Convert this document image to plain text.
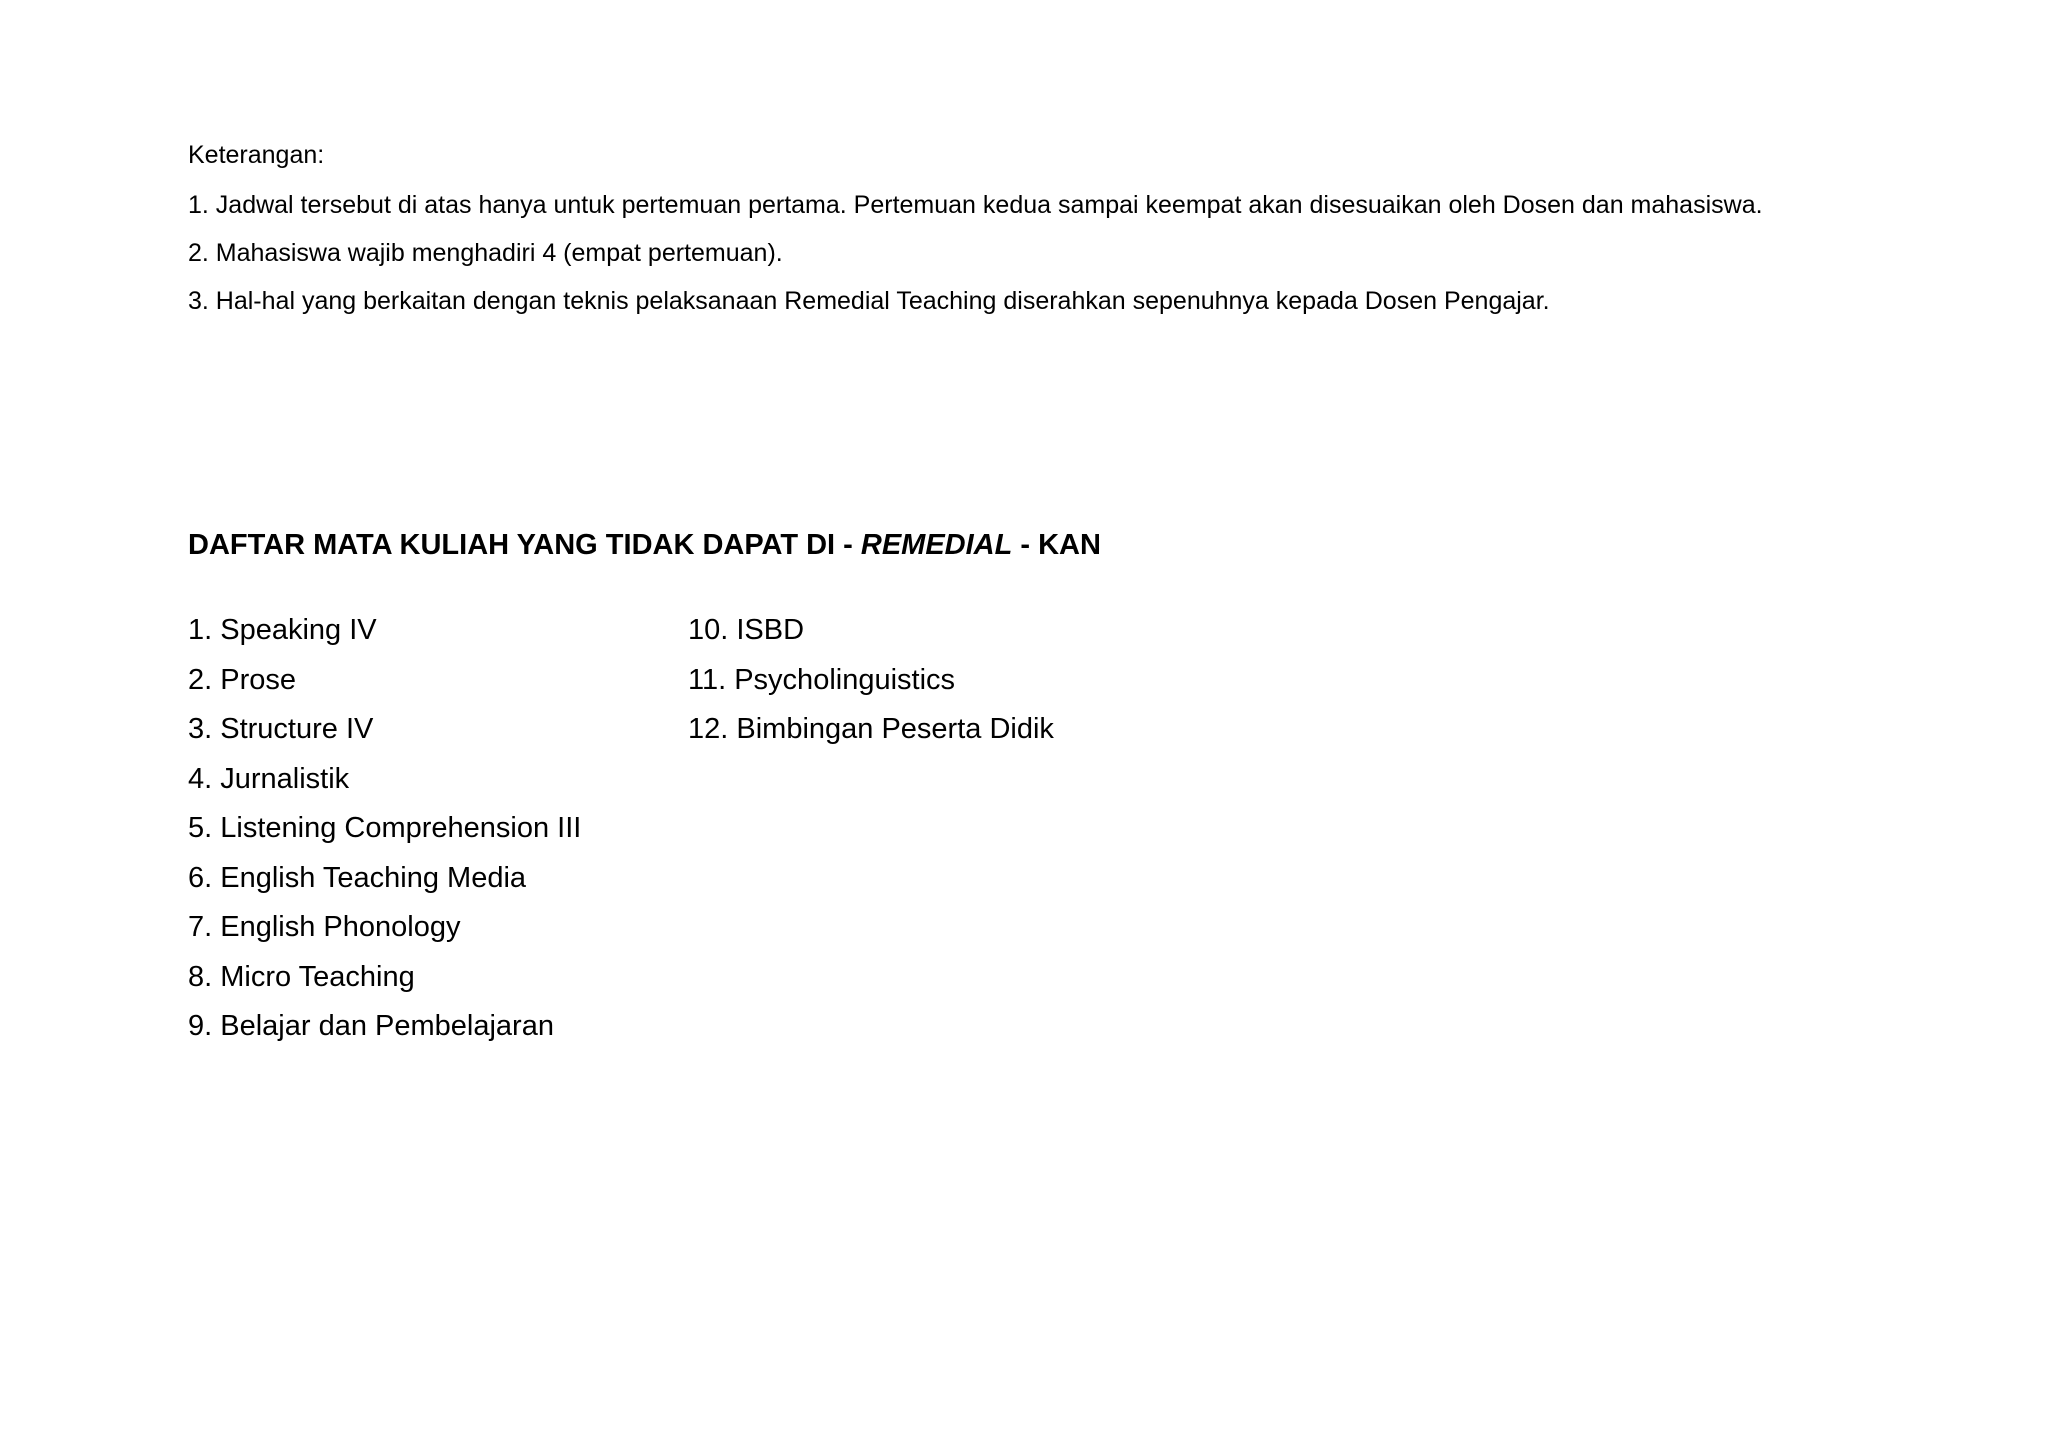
Keterangan:
1. Jadwal tersebut di atas hanya untuk pertemuan pertama. Pertemuan kedua sampai keempat akan disesuaikan oleh Dosen dan mahasiswa.
2. Mahasiswa wajib menghadiri 4 (empat pertemuan).
3. Hal-hal yang berkaitan dengan teknis pelaksanaan Remedial Teaching diserahkan sepenuhnya kepada Dosen Pengajar.
DAFTAR MATA KULIAH YANG TIDAK DAPAT DI - REMEDIAL - KAN
1. Speaking IV
2. Prose
3. Structure IV
4. Jurnalistik
5. Listening Comprehension III
6. English Teaching Media
7. English Phonology
8. Micro Teaching
9. Belajar dan Pembelajaran
10. ISBD
11. Psycholinguistics
12. Bimbingan Peserta Didik
